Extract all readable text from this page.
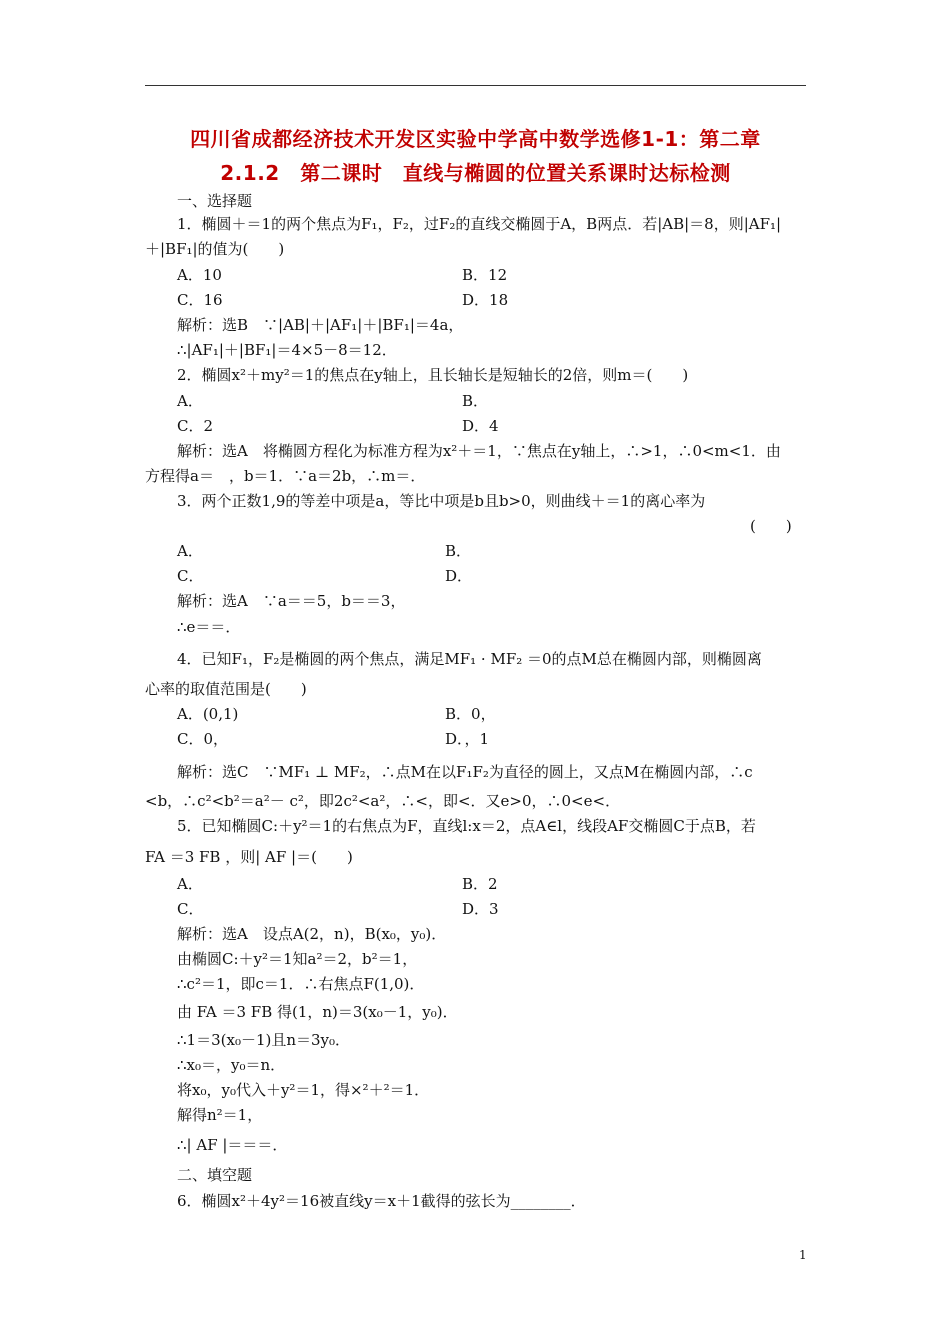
四川省成都经济技术开发区实验中学高中数学选修1-1：第二章
2.1.2　第二课时　直线与椭圆的位置关系课时达标检测
一、选择题
1．椭圆＋＝1的两个焦点为F₁，F₂，过F₂的直线交椭圆于A，B两点．若|AB|＝8，则|AF₁|
＋|BF₁|的值为(　　)
A．10	B．12
C．16	D．18
解析：选B　∵|AB|＋|AF₁|＋|BF₁|＝4a，
∴|AF₁|＋|BF₁|＝4×5－8＝12．
2．椭圆x²＋my²＝1的焦点在y轴上，且长轴长是短轴长的2倍，则m＝(　　)
A．	B．
C．2	D．4
解析：选A　将椭圆方程化为标准方程为x²＋＝1，∵焦点在y轴上，∴>1，∴0<m<1．由
方程得a＝　，b＝1．∵a＝2b，∴m＝．
3．两个正数1,9的等差中项是a，等比中项是b且b>0，则曲线＋＝1的离心率为
(　　)
A．	B．
C．	D．
解析：选A　∵a＝＝5，b＝＝3，
∴e＝＝．
4．已知F₁，F₂是椭圆的两个焦点，满足MF₁ · MF₂ ＝0的点M总在椭圆内部，则椭圆离
心率的取值范围是(　　)
A．(0,1)	B．0，
C．0，	D．，1
解析：选C　∵MF₁ ⊥ MF₂，∴点M在以F₁F₂为直径的圆上，又点M在椭圆内部，∴c
<b，∴c²<b²＝a²－ c²，即2c²<a²，∴<，即<．又e>0，∴0<e<．
5．已知椭圆C:＋y²＝1的右焦点为F，直线l:x＝2，点A∈l，线段AF交椭圆C于点B，若
FA ＝3 FB ，则| AF |＝(　　)
A．	B．2
C．	D．3
解析：选A　设点A(2，n)，B(x₀，y₀)．
由椭圆C:＋y²＝1知a²＝2，b²＝1，
∴c²＝1，即c＝1．∴右焦点F(1,0)．
由 FA ＝3 FB 得(1，n)＝3(x₀－1，y₀)．
∴1＝3(x₀－1)且n＝3y₀．
∴x₀＝，y₀＝n．
将x₀，y₀代入＋y²＝1，得×²＋²＝1．
解得n²＝1，
∴| AF |＝＝＝．
二、填空题
6．椭圆x²＋4y²＝16被直线y＝x＋1截得的弦长为________．
1
